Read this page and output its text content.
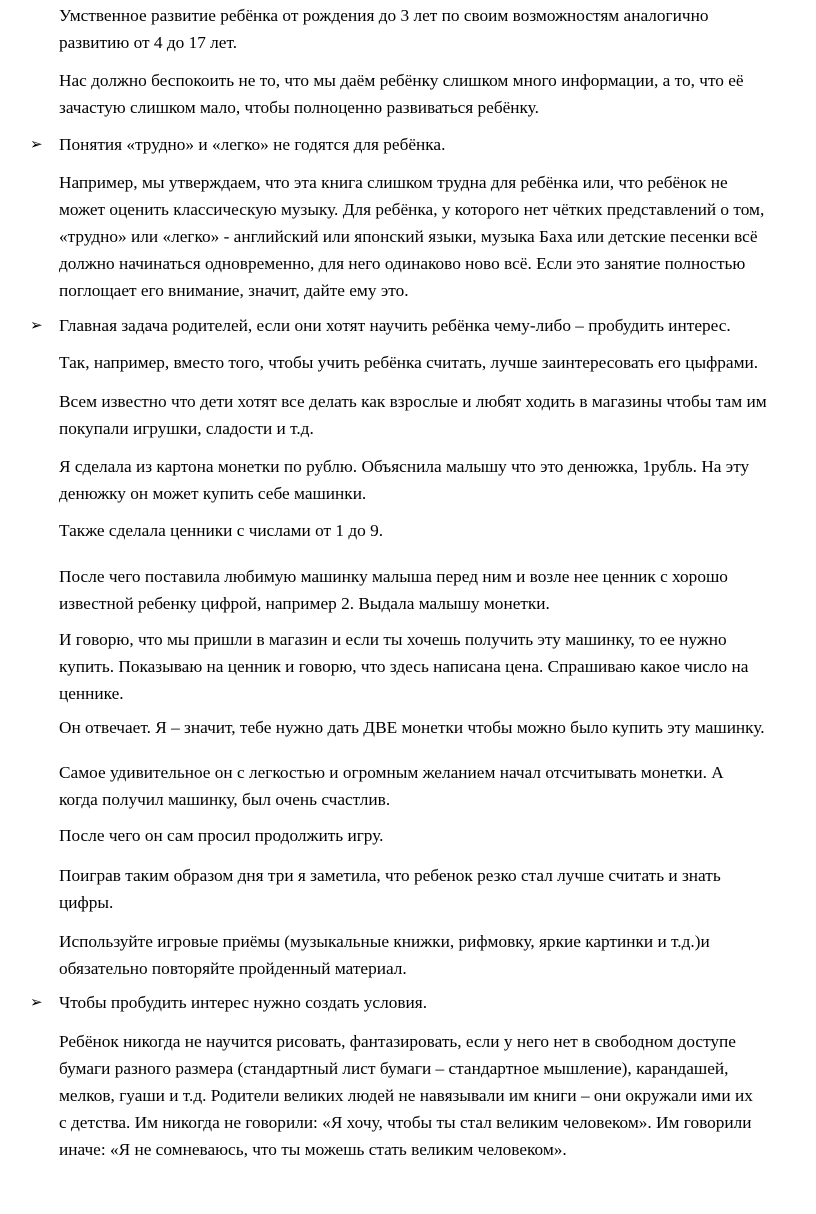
Умственное развитие ребёнка от рождения до 3 лет по своим возможностям аналогично
развитию от 4 до 17 лет.
Нас должно беспокоить не то, что мы даём ребёнку слишком много информации, а то, что её
зачастую слишком мало, чтобы полноценно развиваться ребёнку.
➢ Понятия «трудно» и «легко» не годятся для ребёнка.
Например, мы утверждаем, что эта книга слишком трудна для ребёнка или, что ребёнок не
может оценить классическую музыку. Для ребёнка, у которого нет чётких представлений о том,
«трудно» или «легко» - английский или японский языки, музыка Баха или детские песенки всё
должно начинаться одновременно, для него одинаково ново всё. Если это занятие полностью
поглощает его внимание, значит, дайте ему это.
➢ Главная задача родителей, если они хотят научить ребёнка чему-либо – пробудить интерес.
Так, например, вместо того, чтобы учить ребёнка считать, лучше заинтересовать его цыфрами.
Всем известно что дети хотят все делать как взрослые и любят ходить в магазины чтобы там им
покупали игрушки, сладости и т.д.
Я сделала из картона монетки по рублю. Объяснила малышу что это денюжка, 1рубль. На эту
денюжку он может купить себе машинки.
Также сделала ценники с числами от 1 до 9.
После чего поставила любимую машинку малыша перед ним и возле нее ценник с хорошо
известной ребенку цифрой, например 2. Выдала малышу монетки.
И говорю, что мы пришли в магазин и если ты хочешь получить эту машинку, то ее нужно
купить. Показываю на ценник и говорю, что здесь написана цена. Спрашиваю какое число на
ценнике.
Он отвечает. Я – значит, тебе нужно дать ДВЕ монетки чтобы можно было купить эту машинку.
Самое удивительное он с легкостью и огромным желанием начал отсчитывать монетки. А
когда получил машинку, был очень счастлив.
После чего он сам просил продолжить игру.
Поиграв таким образом дня три я заметила, что ребенок резко стал лучше считать и знать
цифры.
Используйте игровые приёмы (музыкальные книжки, рифмовку, яркие картинки и т.д.)и
обязательно повторяйте пройденный материал.
➢ Чтобы пробудить интерес нужно создать условия.
Ребёнок никогда не научится рисовать, фантазировать, если у него нет в свободном доступе
бумаги разного размера (стандартный лист бумаги – стандартное мышление), карандашей,
мелков, гуаши и т.д. Родители великих людей не навязывали им книги – они окружали ими их
с детства. Им никогда не говорили: «Я хочу, чтобы ты стал великим человеком». Им говорили
иначе: «Я не сомневаюсь, что ты можешь стать великим человеком».
